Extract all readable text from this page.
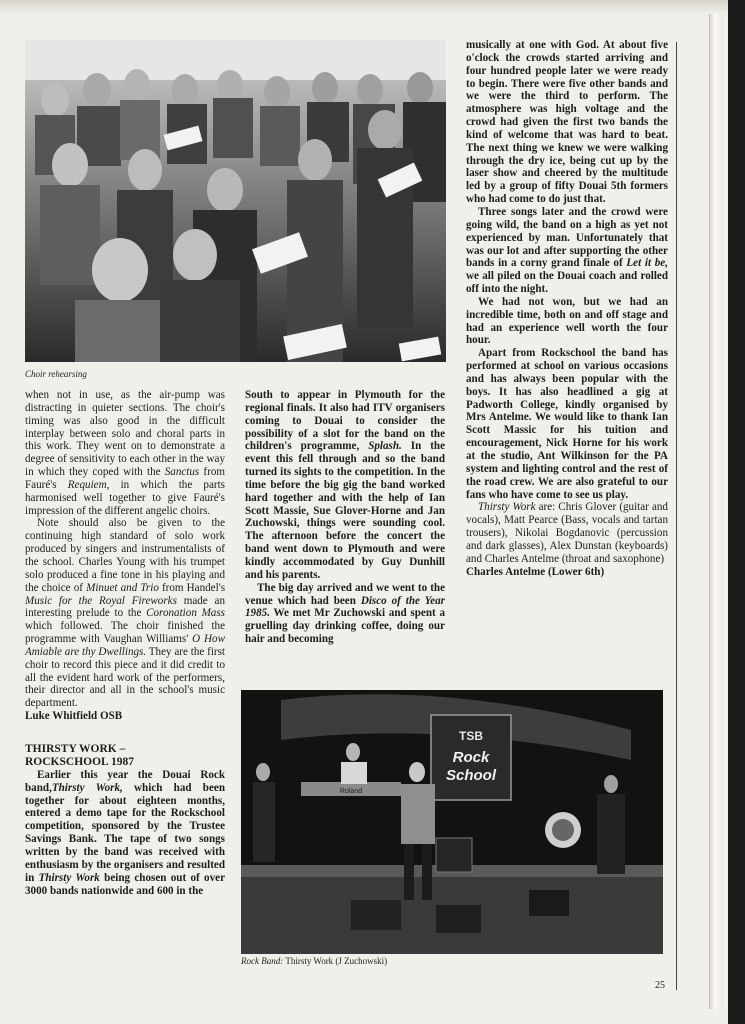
Choir rehearsing

when not in use, as the air-pump was distracting in quieter sections. The choir's timing was also good in the difficult interplay between solo and choral parts in this work. They went on to demonstrate a degree of sensitivity to each other in the way in which they coped with the Sanctus from Fauré's Requiem, in which the parts harmonised well together to give Fauré's impression of the different angelic choirs.

Note should also be given to the continuing high standard of solo work produced by singers and instrumentalists of the school. Charles Young with his trumpet solo produced a fine tone in his playing and the choice of Minuet and Trio from Handel's Music for the Royal Fireworks made an interesting prelude to the Coronation Mass which followed. The choir finished the programme with Vaughan Williams' O How Amiable are thy Dwellings. They are the first choir to record this piece and it did credit to all the evident hard work of the performers, their director and all in the school's music department.

Luke Whitfield OSB

THIRSTY WORK –
ROCKSCHOOL 1987

Earlier this year the Douai Rock band,Thirsty Work, which had been together for about eighteen months, entered a demo tape for the Rockschool competition, sponsored by the Trustee Savings Bank. The tape of two songs written by the band was received with enthusiasm by the organisers and resulted in Thirsty Work being chosen out of over 3000 bands nationwide and 600 in the

South to appear in Plymouth for the regional finals. It also had ITV organisers coming to Douai to consider the possibility of a slot for the band on the children's programme, Splash. In the event this fell through and so the band turned its sights to the competition. In the time before the big gig the band worked hard together and with the help of Ian Scott Massie, Sue Glover-Horne and Jan Zuchowski, things were sounding cool. The afternoon before the concert the band went down to Plymouth and were kindly accommodated by Guy Dunhill and his parents.

The big day arrived and we went to the venue which had been Disco of the Year 1985. We met Mr Zuchowski and spent a gruelling day drinking coffee, doing our hair and becoming

musically at one with God. At about five o'clock the crowds started arriving and four hundred people later we were ready to begin. There were five other bands and we were the third to perform. The atmosphere was high voltage and the crowd had given the first two bands the kind of welcome that was hard to beat. The next thing we knew we were walking through the dry ice, being cut up by the laser show and cheered by the multitude led by a group of fifty Douai 5th formers who had come to do just that.

Three songs later and the crowd were going wild, the band on a high as yet not experienced by man. Unfortunately that was our lot and after supporting the other bands in a corny grand finale of Let it be, we all piled on the Douai coach and rolled off into the night.

We had not won, but we had an incredible time, both on and off stage and had an experience well worth the four hour.

Apart from Rockschool the band has performed at school on various occasions and has always been popular with the boys. It has also headlined a gig at Padworth College, kindly organised by Mrs Antelme. We would like to thank Ian Scott Massic for his tuition and encouragement, Nick Horne for his work at the studio, Ant Wilkinson for the PA system and lighting control and the rest of the road crew. We are also grateful to our fans who have come to see us play.

Thirsty Work are: Chris Glover (guitar and vocals), Matt Pearce (Bass, vocals and tartan trousers), Nikolai Bogdanovic (percussion and dark glasses), Alex Dunstan (keyboards) and Charles Antelme (throat and saxophone)

Charles Antelme (Lower 6th)

TSB
Rock
School
Roland
Rock Band: Thirsty Work (J Zuchowski)
25
